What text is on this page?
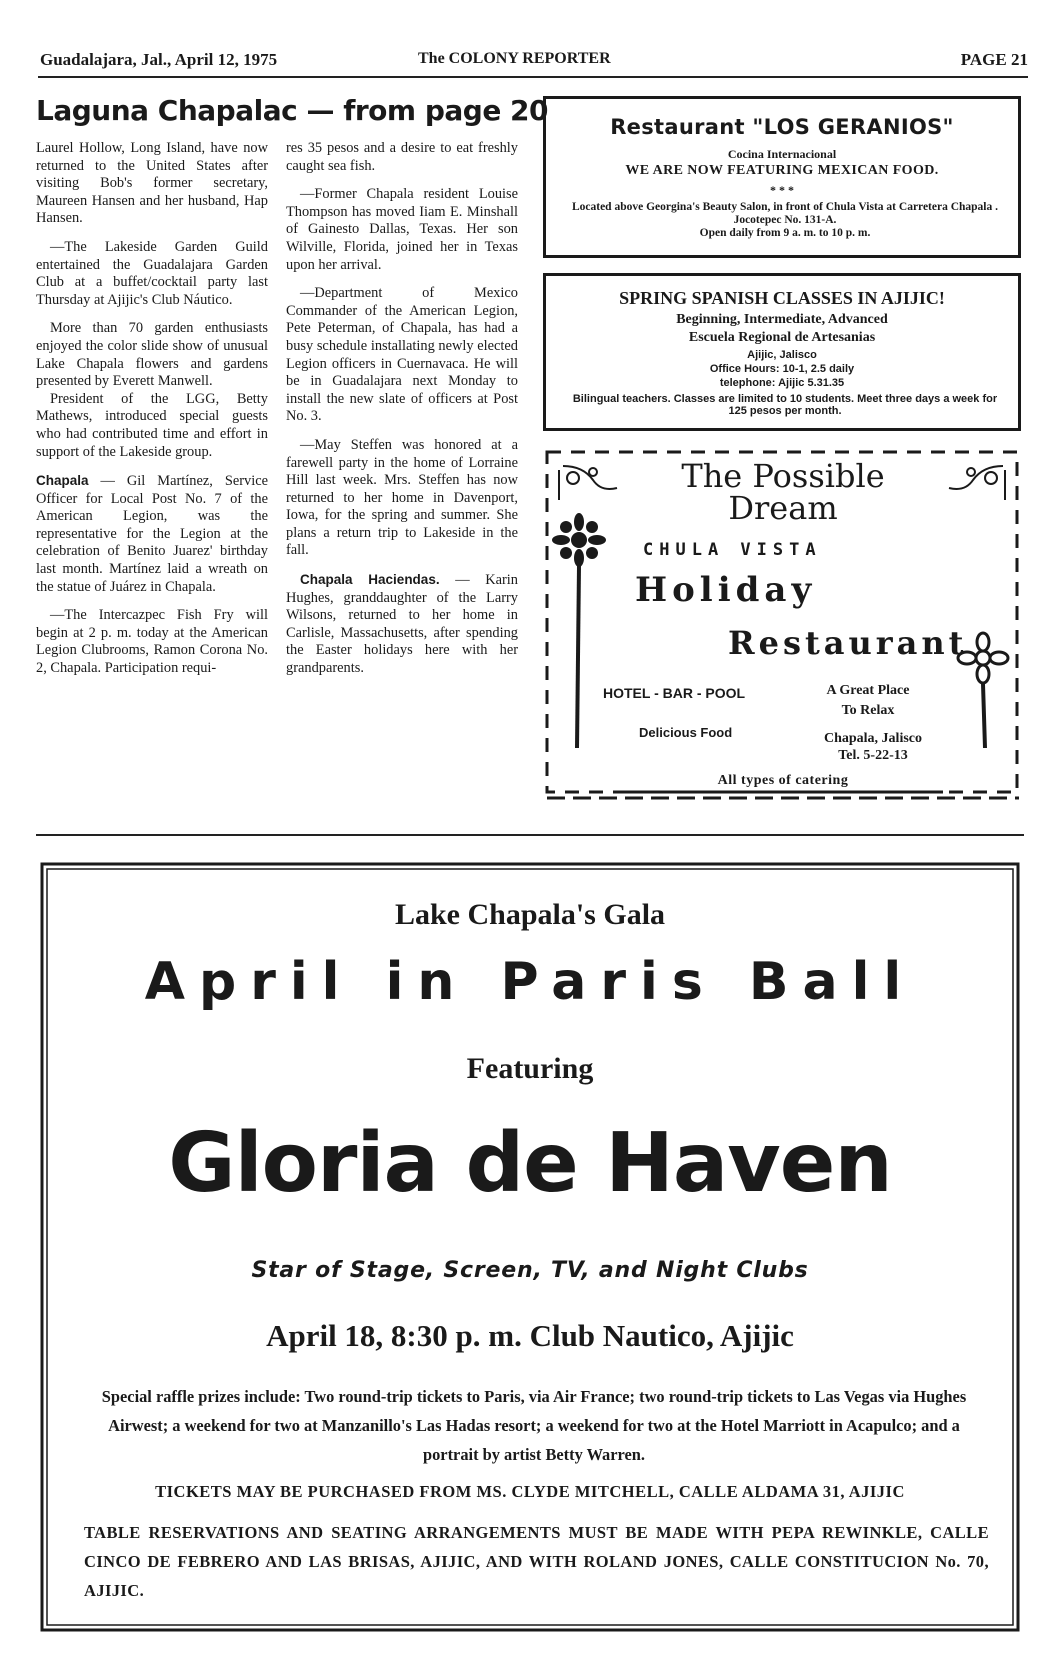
Guadalajara, Jal., April 12, 1975	The COLONY REPORTER	PAGE 21
Laguna Chapalac — from page 20

Laurel Hollow, Long Island, have now returned to the United States after visiting Bob's former secretary, Maureen Hansen and her husband, Hap Hansen.

—The Lakeside Garden Guild entertained the Guadalajara Garden Club at a buffet/cocktail party last Thursday at Ajijic's Club Náutico.

More than 70 garden enthusiasts enjoyed the color slide show of unusual Lake Chapala flowers and gardens presented by Everett Manwell.

President of the LGG, Betty Mathews, introduced special guests who had contributed time and effort in support of the Lakeside group.

Chapala — Gil Martínez, Service Officer for Local Post No. 7 of the American Legion, was the representative for the Legion at the celebration of Benito Juarez' birthday last month. Martínez laid a wreath on the statue of Juárez in Chapala.

—The Intercazpec Fish Fry will begin at 2 p. m. today at the American Legion Clubrooms, Ramon Corona No. 2, Chapala. Participation requi-

res 35 pesos and a desire to eat freshly caught sea fish.

—Former Chapala resident Louise Thompson has moved Iiam E. Minshall of Gainesto Dallas, Texas. Her son Wilville, Florida, joined her in Texas upon her arrival.

—Department of Mexico Commander of the American Legion, Pete Peterman, of Chapala, has had a busy schedule installating newly elected Legion officers in Cuernavaca. He will be in Guadalajara next Monday to install the new slate of officers at Post No. 3.

—May Steffen was honored at a farewell party in the home of Lorraine Hill last week. Mrs. Steffen has now returned to her home in Davenport, Iowa, for the spring and summer. She plans a return trip to Lakeside in the fall.

Chapala Haciendas. — Karin Hughes, granddaughter of the Larry Wilsons, returned to her home in Carlisle, Massachusetts, after spending the Easter holidays here with her grandparents.

Restaurant "LOS GERANIOS"
Cocina Internacional
WE ARE NOW FEATURING MEXICAN FOOD.
* * *
Located above Georgina's Beauty Salon, in front of Chula Vista at Carretera Chapala . Jocotepec No. 131-A.
Open daily from 9 a. m. to 10 p. m.
SPRING SPANISH CLASSES IN AJIJIC!
Beginning, Intermediate, Advanced
Escuela Regional de Artesanias
Ajijic, Jalisco
Office Hours: 10-1, 2.5 daily
telephone: Ajijic 5.31.35
Bilingual teachers. Classes are limited to 10 students. Meet three days a week for 125 pesos per month.
The Possible
Dream
CHULA VISTA
Holiday
Restaurant
HOTEL - BAR - POOL	A Great Place
To Relax
Delicious Food	Chapala, Jalisco
Tel. 5-22-13
All types of catering
Lake Chapala's Gala
April in Paris Ball
Featuring
Gloria de Haven
Star of Stage, Screen, TV, and Night Clubs
April 18, 8:30 p. m. Club Nautico, Ajijic
Special raffle prizes include: Two round-trip tickets to Paris, via Air France; two round-trip tickets to Las Vegas via Hughes Airwest; a weekend for two at Manzanillo's Las Hadas resort; a weekend for two at the Hotel Marriott in Acapulco; and a portrait by artist Betty Warren.
TICKETS MAY BE PURCHASED FROM MS. CLYDE MITCHELL, CALLE ALDAMA 31, AJIJIC
TABLE RESERVATIONS AND SEATING ARRANGEMENTS MUST BE MADE WITH PEPA REWINKLE, CALLE CINCO DE FEBRERO AND LAS BRISAS, AJIJIC, AND WITH ROLAND JONES, CALLE CONSTITUCION No. 70, AJIJIC.
